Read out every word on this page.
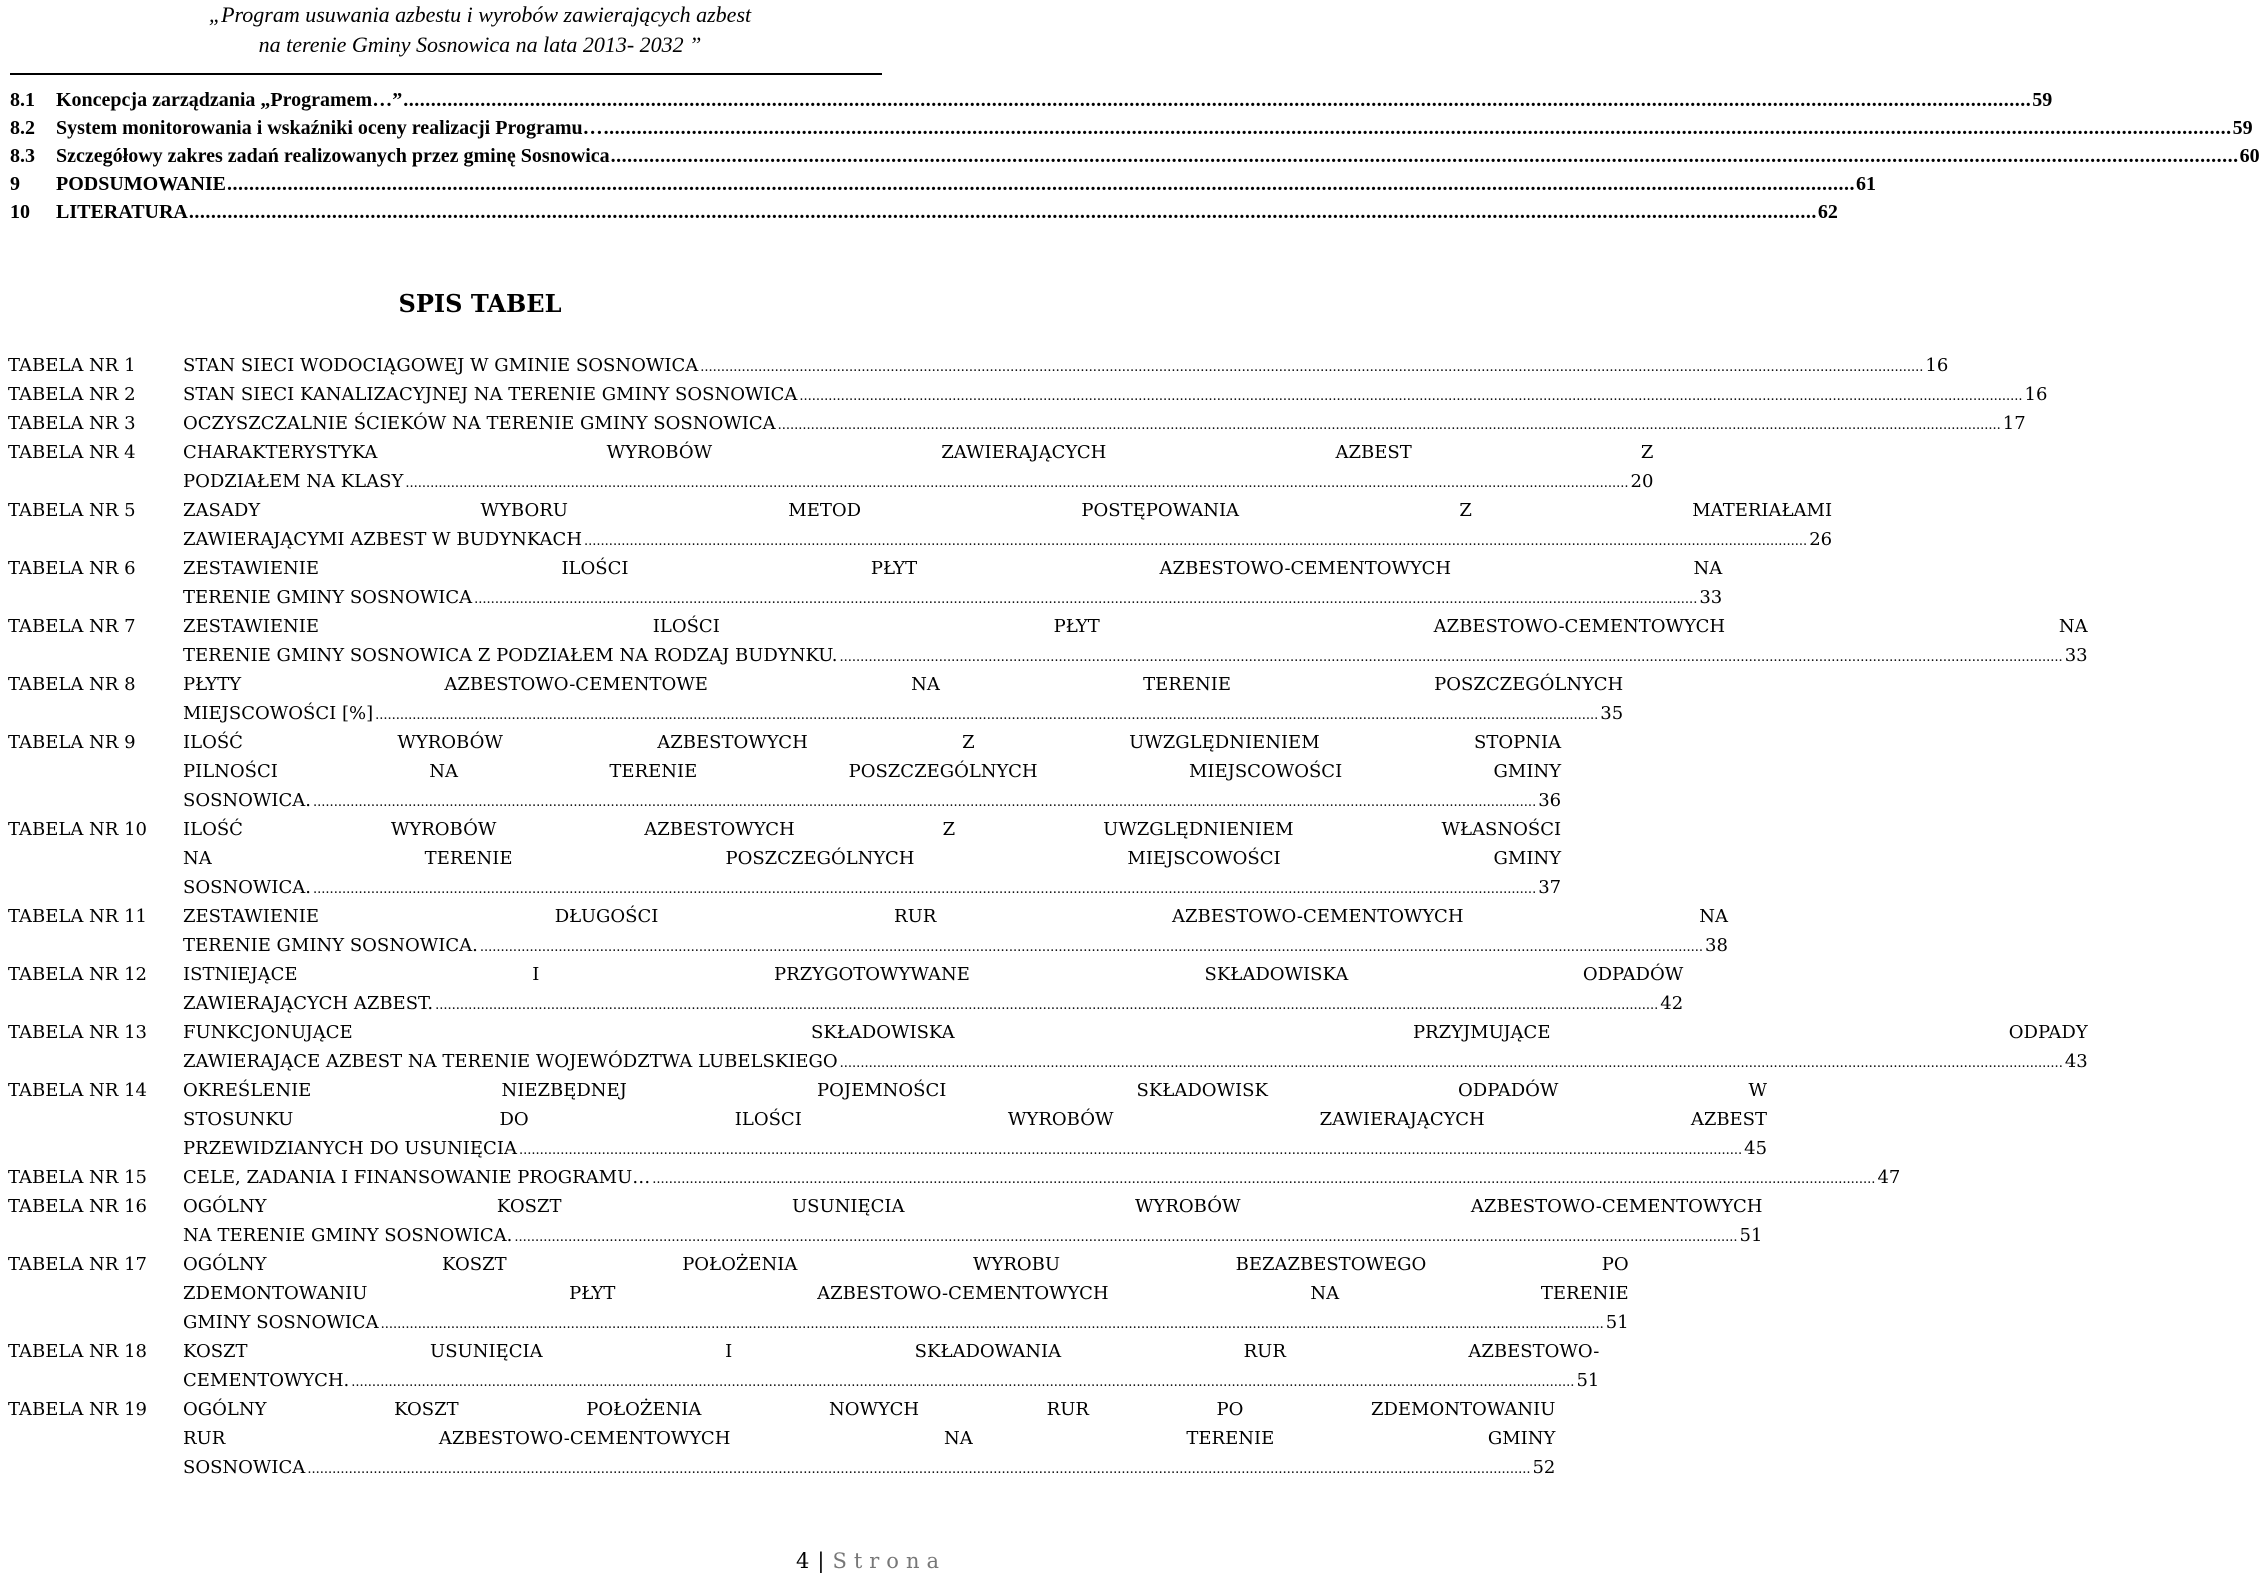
„Program usuwania azbestu i wyrobów zawierających azbest
na terenie Gminy Sosnowica na lata 2013- 2032 ”
8.1	Koncepcja zarządzania „Programem…” .....	59
8.2	System monitorowania i wskaźniki oceny realizacji Programu… .....	59
8.3	Szczegółowy zakres zadań realizowanych przez gminę Sosnowica .....	60
9	PODSUMOWANIE .....	61
10	LITERATURA .....	62
SPIS TABEL
TABELA NR 1	STAN SIECI WODOCIĄGOWEJ W GMINIE SOSNOWICA .....	16
TABELA NR 2	STAN SIECI KANALIZACYJNEJ NA TERENIE GMINY SOSNOWICA .....	16
TABELA NR 3	OCZYSZCZALNIE ŚCIEKÓW NA TERENIE GMINY SOSNOWICA .....	17
TABELA NR 4	CHARAKTERYSTYKA WYROBÓW ZAWIERAJĄCYCH AZBEST Z
PODZIAŁEM NA KLASY .....	20
TABELA NR 5	ZASADY WYBORU METOD POSTĘPOWANIA Z MATERIAŁAMI
ZAWIERAJĄCYMI AZBEST W BUDYNKACH .....	26
TABELA NR 6	ZESTAWIENIE ILOŚCI PŁYT AZBESTOWO-CEMENTOWYCH NA
TERENIE GMINY SOSNOWICA .....	33
TABELA NR 7	ZESTAWIENIE ILOŚCI PŁYT AZBESTOWO-CEMENTOWYCH NA
TERENIE GMINY SOSNOWICA Z PODZIAŁEM NA RODZAJ BUDYNKU. .....	33
TABELA NR 8	PŁYTY AZBESTOWO-CEMENTOWE NA TERENIE POSZCZEGÓLNYCH
MIEJSCOWOŚCI [%] .....	35
TABELA NR 9	ILOŚĆ WYROBÓW AZBESTOWYCH Z UWZGLĘDNIENIEM STOPNIA
PILNOŚCI NA TERENIE POSZCZEGÓLNYCH MIEJSCOWOŚCI GMINY
SOSNOWICA. .....	36
TABELA NR 10	ILOŚĆ WYROBÓW AZBESTOWYCH Z UWZGLĘDNIENIEM WŁASNOŚCI
NA TERENIE POSZCZEGÓLNYCH MIEJSCOWOŚCI GMINY
SOSNOWICA. .....	37
TABELA NR 11	ZESTAWIENIE DŁUGOŚCI RUR AZBESTOWO-CEMENTOWYCH NA
TERENIE GMINY SOSNOWICA. .....	38
TABELA NR 12	ISTNIEJĄCE I PRZYGOTOWYWANE SKŁADOWISKA ODPADÓW
ZAWIERAJĄCYCH AZBEST. .....	42
TABELA NR 13	FUNKCJONUJĄCE SKŁADOWISKA PRZYJMUJĄCE ODPADY
ZAWIERAJĄCE AZBEST NA TERENIE WOJEWÓDZTWA LUBELSKIEGO .....	43
TABELA NR 14	OKREŚLENIE NIEZBĘDNEJ POJEMNOŚCI SKŁADOWISK ODPADÓW W
STOSUNKU DO ILOŚCI WYROBÓW ZAWIERAJĄCYCH AZBEST
PRZEWIDZIANYCH DO USUNIĘCIA .....	45
TABELA NR 15	CELE, ZADANIA I FINANSOWANIE PROGRAMU… .....	47
TABELA NR 16	OGÓLNY KOSZT USUNIĘCIA WYROBÓW AZBESTOWO-CEMENTOWYCH
NA TERENIE GMINY SOSNOWICA. .....	51
TABELA NR 17	OGÓLNY KOSZT POŁOŻENIA WYROBU BEZAZBESTOWEGO PO
ZDEMONTOWANIU PŁYT AZBESTOWO-CEMENTOWYCH NA TERENIE
GMINY SOSNOWICA .....	51
TABELA NR 18	KOSZT USUNIĘCIA I SKŁADOWANIA RUR AZBESTOWO-
CEMENTOWYCH. .....	51
TABELA NR 19	OGÓLNY KOSZT POŁOŻENIA NOWYCH RUR PO ZDEMONTOWANIU
RUR AZBESTOWO-CEMENTOWYCH NA TERENIE GMINY
SOSNOWICA .....	52
4 | Strona
